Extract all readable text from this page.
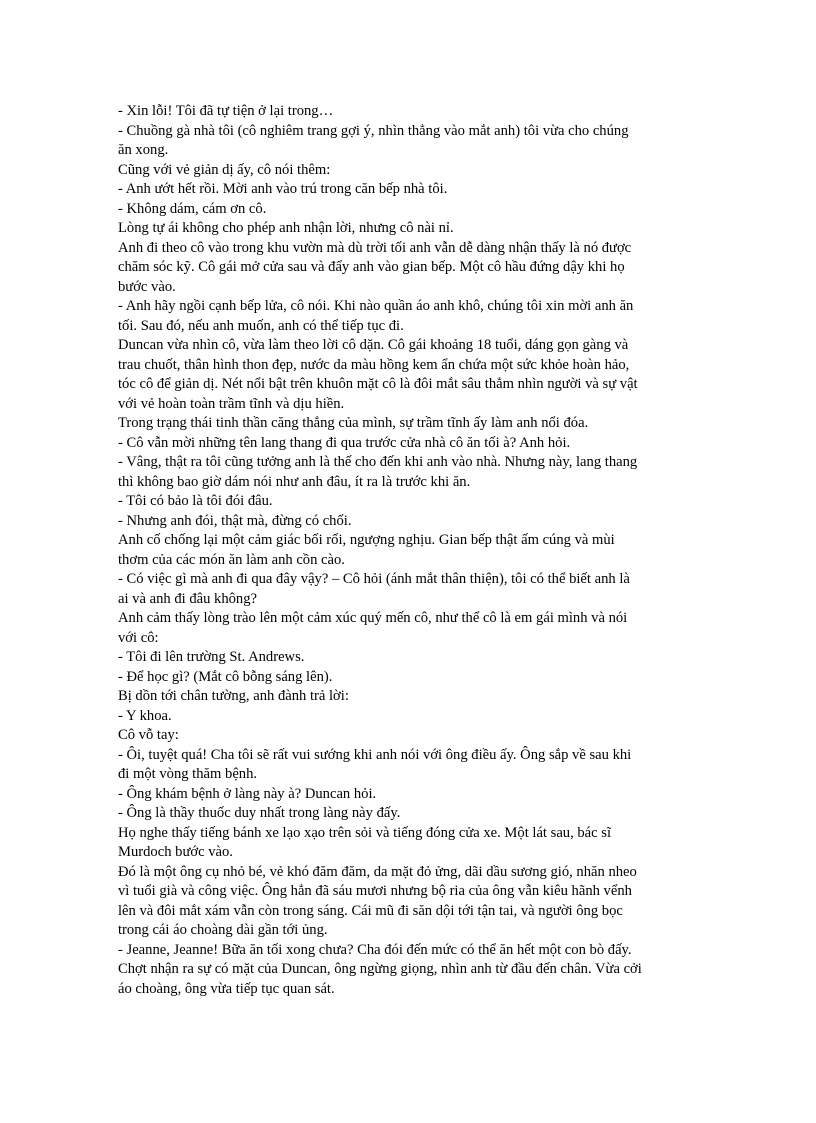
- Xin lỗi! Tôi đã tự tiện ở lại trong…
- Chuồng gà nhà tôi (cô nghiêm trang gợi ý, nhìn thẳng vào mắt anh) tôi vừa cho chúng
ăn xong.
Cũng với vẻ giản dị ấy, cô nói thêm:
- Anh ướt hết rồi. Mời anh vào trú trong căn bếp nhà tôi.
- Không dám, cám ơn cô.
Lòng tự ái không cho phép anh nhận lời, nhưng cô nài nỉ.
Anh đi theo cô vào trong khu vườn mà dù trời tối anh vẫn dễ dàng nhận thấy là nó được
chăm sóc kỹ. Cô gái mở cửa sau và đẩy anh vào gian bếp. Một cô hầu đứng dậy khi họ
bước vào.
- Anh hãy ngồi cạnh bếp lửa, cô nói. Khi nào quần áo anh khô, chúng tôi xin mời anh ăn
tối. Sau đó, nếu anh muốn, anh có thể tiếp tục đi.
Duncan vừa nhìn cô, vừa làm theo lời cô dặn. Cô gái khoảng 18 tuổi, dáng gọn gàng và
trau chuốt, thân hình thon đẹp, nước da màu hồng kem ẩn chứa một sức khỏe hoàn hảo,
tóc cô để giản dị. Nét nổi bật trên khuôn mặt cô là đôi mắt sâu thẳm nhìn người và sự vật
với vẻ hoàn toàn trầm tĩnh và dịu hiền.
Trong trạng thái tinh thần căng thẳng của mình, sự trầm tĩnh ấy làm anh nổi đóa.
- Cô vẫn mời những tên lang thang đi qua trước cửa nhà cô ăn tối à? Anh hỏi.
- Vâng, thật ra tôi cũng tưởng anh là thế cho đến khi anh vào nhà. Nhưng này, lang thang
thì không bao giờ dám nói như anh đâu, ít ra là trước khi ăn.
- Tôi có bảo là tôi đói đâu.
- Nhưng anh đói, thật mà, đừng có chối.
Anh cố chống lại một cảm giác bối rối, ngượng nghịu. Gian bếp thật ấm cúng và mùi
thơm của các món ăn làm anh cồn cào.
- Có việc gì mà anh đi qua đây vậy? – Cô hỏi (ánh mắt thân thiện), tôi có thể biết anh là
ai và anh đi đâu không?
Anh cảm thấy lòng trào lên một cảm xúc quý mến cô, như thể cô là em gái mình và nói
với cô:
- Tôi đi lên trường St. Andrews.
- Để học gì? (Mắt cô bỗng sáng lên).
Bị dồn tới chân tường, anh đành trả lời:
- Y khoa.
Cô vỗ tay:
- Ôi, tuyệt quá! Cha tôi sẽ rất vui sướng khi anh nói với ông điều ấy. Ông sắp về sau khi
đi một vòng thăm bệnh.
- Ông khám bệnh ở làng này à? Duncan hỏi.
- Ông là thầy thuốc duy nhất trong làng này đấy.
Họ nghe thấy tiếng bánh xe lạo xạo trên sỏi và tiếng đóng cửa xe. Một lát sau, bác sĩ
Murdoch bước vào.
Đó là một ông cụ nhỏ bé, vẻ khó đăm đăm, da mặt đỏ ửng, dãi dầu sương gió, nhăn nheo
vì tuổi già và công việc. Ông hẳn đã sáu mươi nhưng bộ ria của ông vẫn kiêu hãnh vểnh
lên và đôi mắt xám vẫn còn trong sáng. Cái mũ đi săn dội tới tận tai, và người ông bọc
trong cái áo choàng dài gần tới ủng.
- Jeanne, Jeanne! Bữa ăn tối xong chưa? Cha đói đến mức có thể ăn hết một con bò đấy.
Chợt nhận ra sự có mặt của Duncan, ông ngừng giọng, nhìn anh từ đầu đến chân. Vừa cởi
áo choàng, ông vừa tiếp tục quan sát.
